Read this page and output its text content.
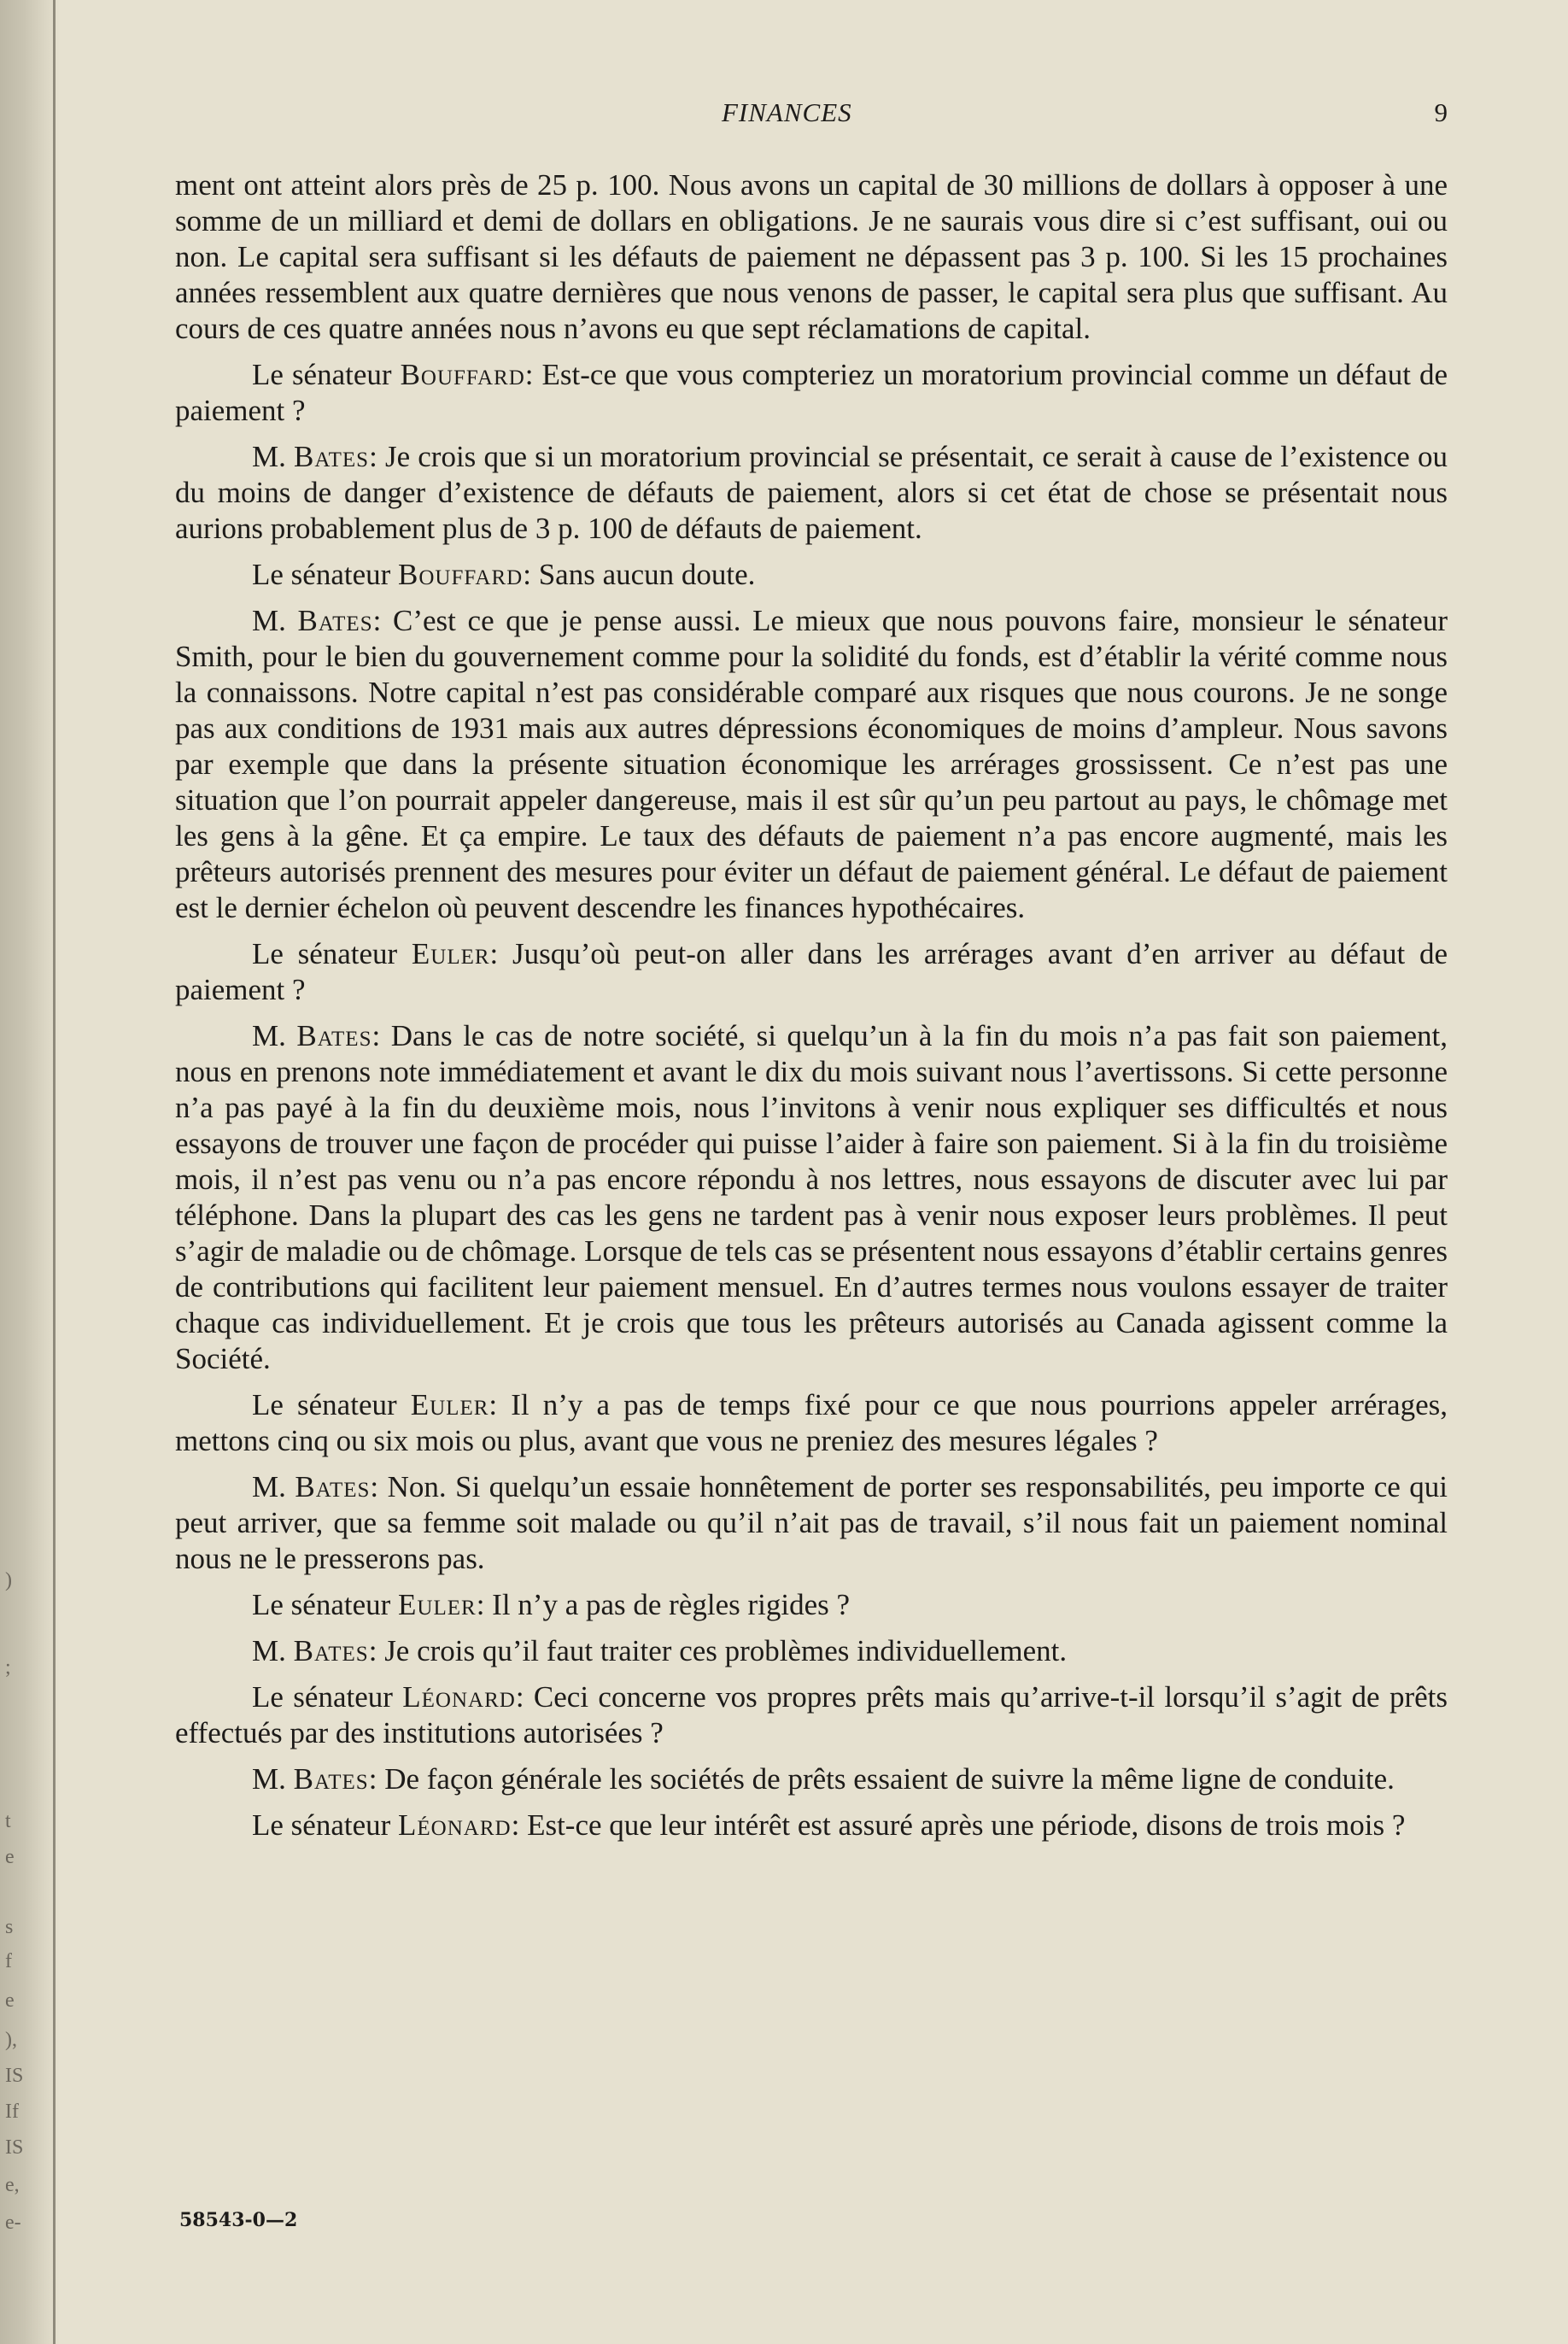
)
;
t
e
s
f
e
),
IS
If
IS
e,
e-
FINANCES	9

ment ont atteint alors près de 25 p. 100. Nous avons un capital de 30 millions de dollars à opposer à une somme de un milliard et demi de dollars en obligations. Je ne saurais vous dire si c’est suffisant, oui ou non. Le capital sera suffisant si les défauts de paiement ne dépassent pas 3 p. 100. Si les 15 prochaines années ressemblent aux quatre dernières que nous venons de passer, le capital sera plus que suffisant. Au cours de ces quatre années nous n’avons eu que sept réclamations de capital.

Le sénateur Bouffard: Est-ce que vous compteriez un moratorium provincial comme un défaut de paiement ?

M. Bates: Je crois que si un moratorium provincial se présentait, ce serait à cause de l’existence ou du moins de danger d’existence de défauts de paiement, alors si cet état de chose se présentait nous aurions probablement plus de 3 p. 100 de défauts de paiement.

Le sénateur Bouffard: Sans aucun doute.

M. Bates: C’est ce que je pense aussi. Le mieux que nous pouvons faire, monsieur le sénateur Smith, pour le bien du gouvernement comme pour la solidité du fonds, est d’établir la vérité comme nous la connaissons. Notre capital n’est pas considérable comparé aux risques que nous courons. Je ne songe pas aux conditions de 1931 mais aux autres dépressions économiques de moins d’ampleur. Nous savons par exemple que dans la présente situation économique les arrérages grossissent. Ce n’est pas une situation que l’on pourrait appeler dangereuse, mais il est sûr qu’un peu partout au pays, le chômage met les gens à la gêne. Et ça empire. Le taux des défauts de paiement n’a pas encore augmenté, mais les prêteurs autorisés prennent des mesures pour éviter un défaut de paiement général. Le défaut de paiement est le dernier échelon où peuvent descendre les finances hypothécaires.

Le sénateur Euler: Jusqu’où peut-on aller dans les arrérages avant d’en arriver au défaut de paiement ?

M. Bates: Dans le cas de notre société, si quelqu’un à la fin du mois n’a pas fait son paiement, nous en prenons note immédiatement et avant le dix du mois suivant nous l’avertissons. Si cette personne n’a pas payé à la fin du deuxième mois, nous l’invitons à venir nous expliquer ses difficultés et nous essayons de trouver une façon de procéder qui puisse l’aider à faire son paiement. Si à la fin du troisième mois, il n’est pas venu ou n’a pas encore répondu à nos lettres, nous essayons de discuter avec lui par téléphone. Dans la plupart des cas les gens ne tardent pas à venir nous exposer leurs problèmes. Il peut s’agir de maladie ou de chômage. Lorsque de tels cas se présentent nous essayons d’établir certains genres de contributions qui facilitent leur paiement mensuel. En d’autres termes nous voulons essayer de traiter chaque cas individuellement. Et je crois que tous les prêteurs autorisés au Canada agissent comme la Société.

Le sénateur Euler: Il n’y a pas de temps fixé pour ce que nous pourrions appeler arrérages, mettons cinq ou six mois ou plus, avant que vous ne preniez des mesures légales ?

M. Bates: Non. Si quelqu’un essaie honnêtement de porter ses responsabilités, peu importe ce qui peut arriver, que sa femme soit malade ou qu’il n’ait pas de travail, s’il nous fait un paiement nominal nous ne le presserons pas.

Le sénateur Euler: Il n’y a pas de règles rigides ?

M. Bates: Je crois qu’il faut traiter ces problèmes individuellement.

Le sénateur Léonard: Ceci concerne vos propres prêts mais qu’arrive-t-il lorsqu’il s’agit de prêts effectués par des institutions autorisées ?

M. Bates: De façon générale les sociétés de prêts essaient de suivre la même ligne de conduite.

Le sénateur Léonard: Est-ce que leur intérêt est assuré après une période, disons de trois mois ?

58543-0—2
